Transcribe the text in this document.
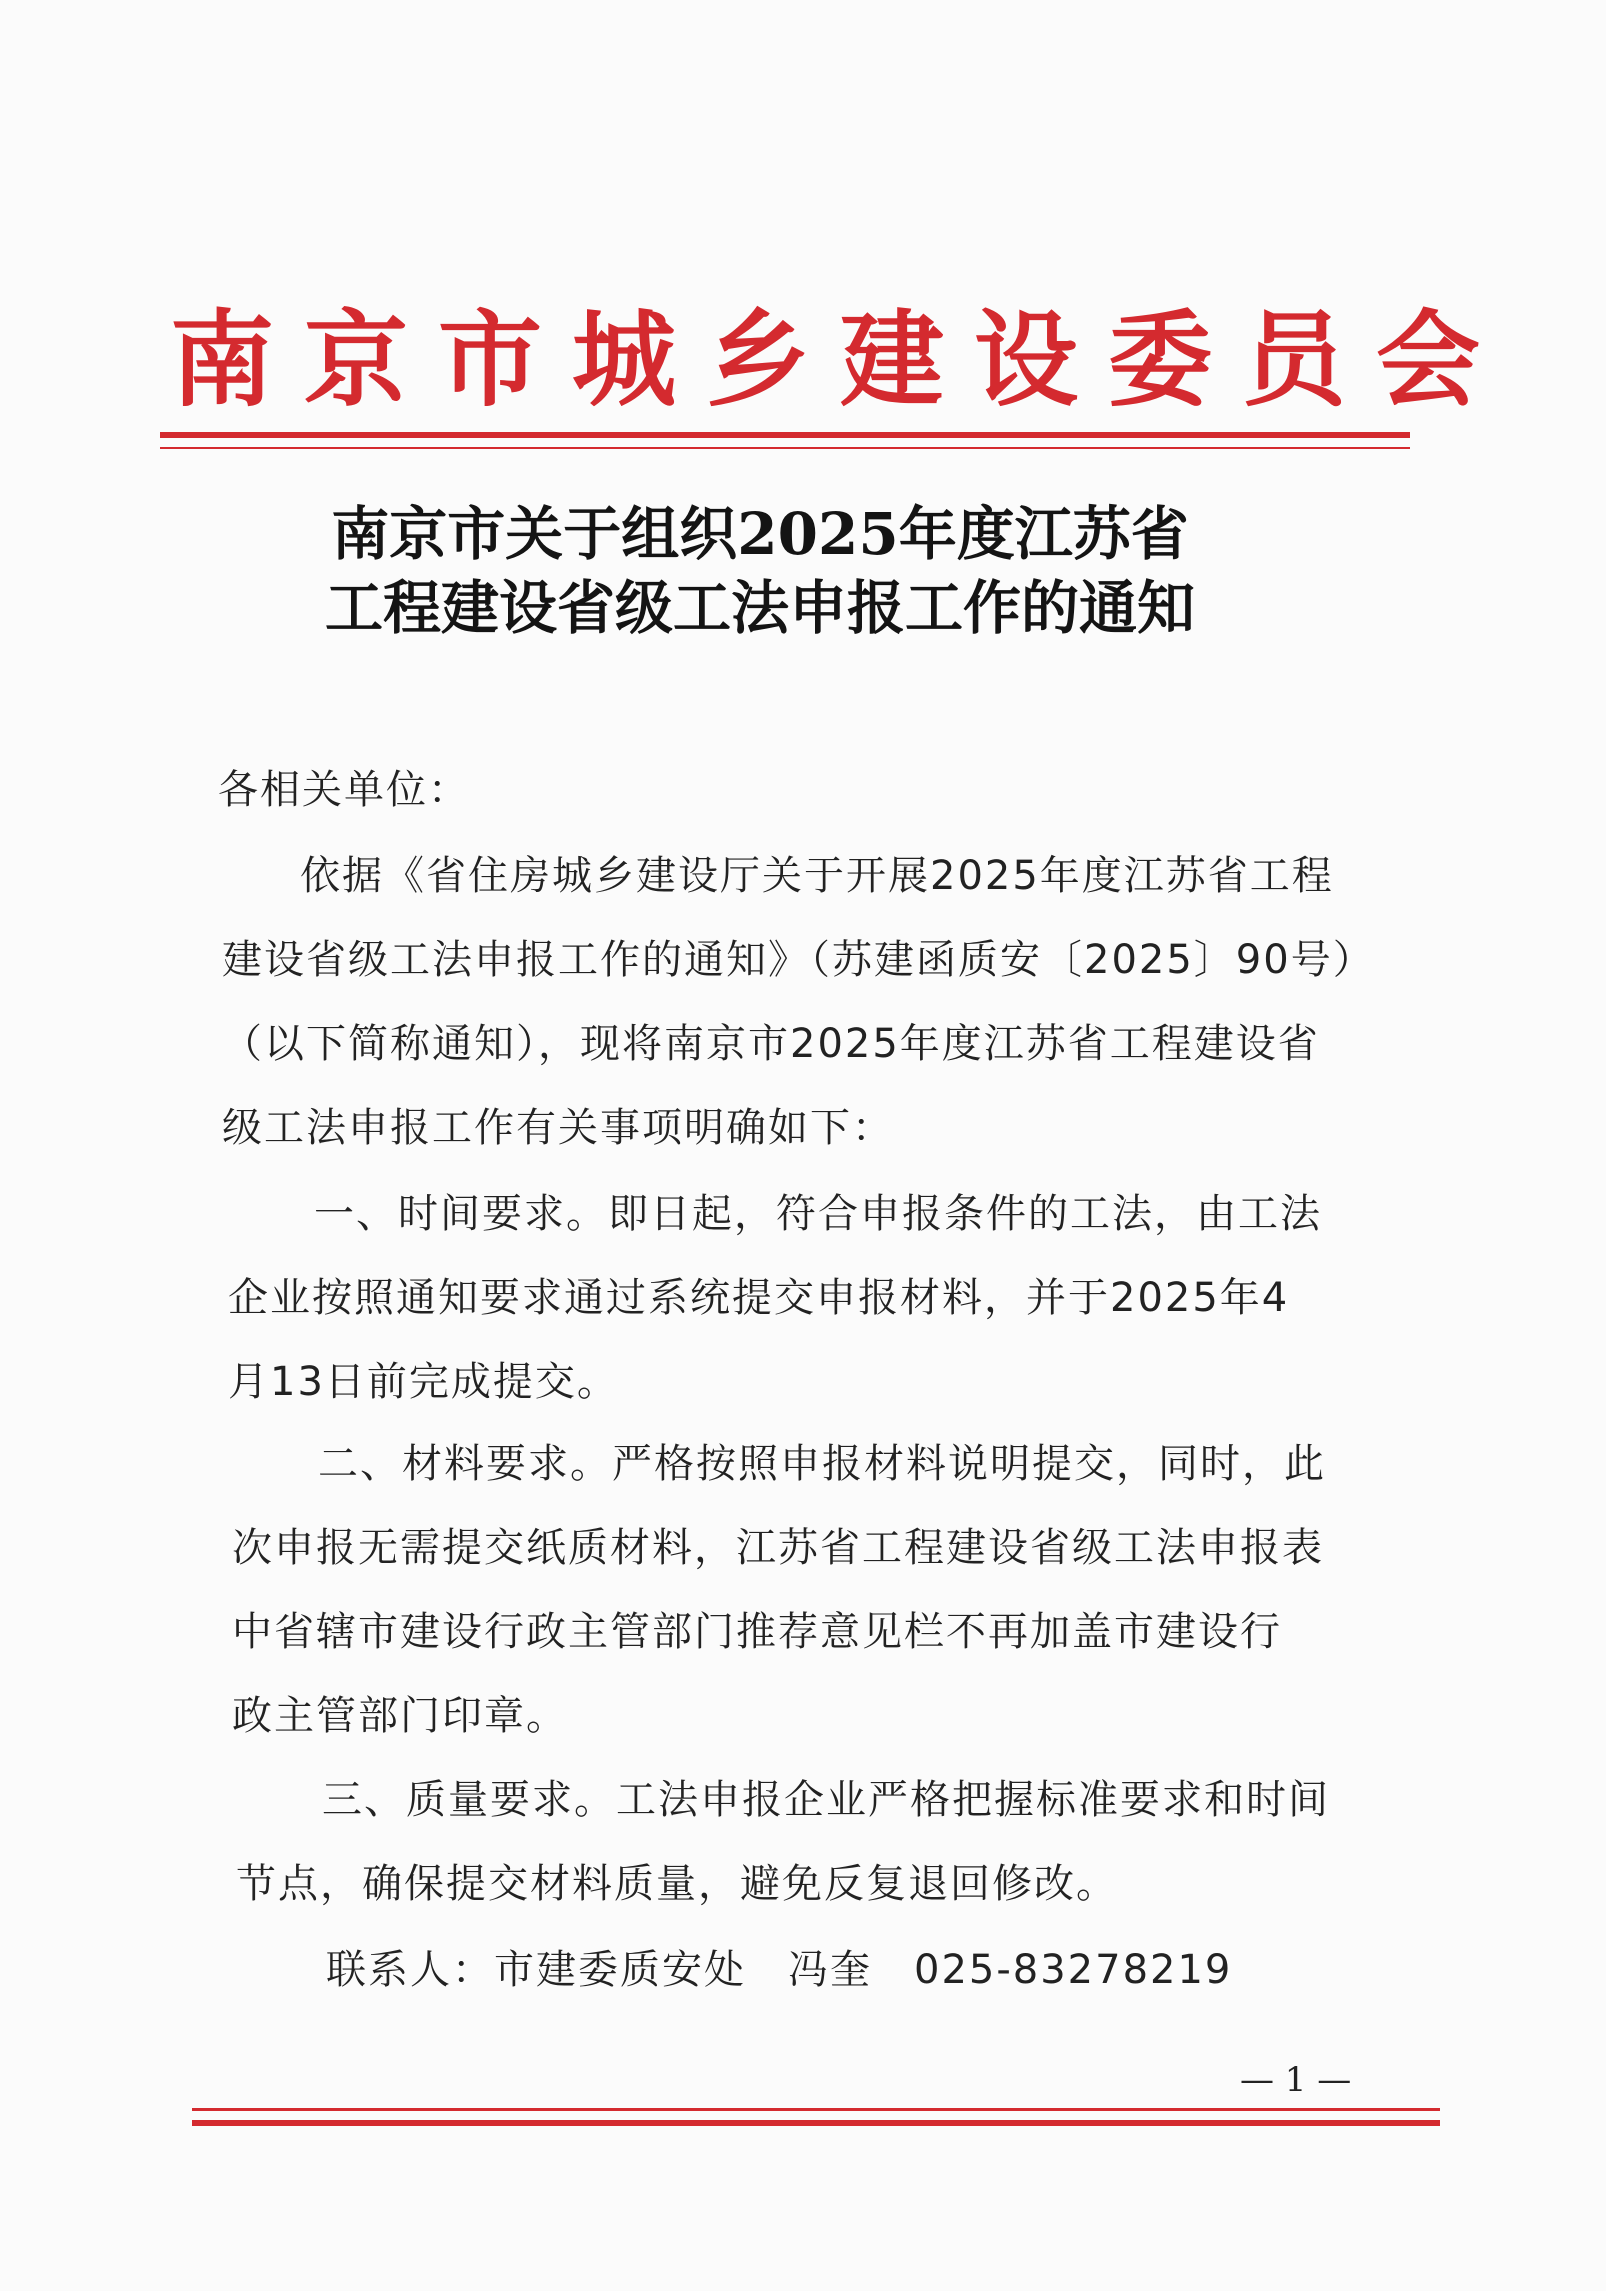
南京市城乡建设委员会
南京市关于组织2025年度江苏省
工程建设省级工法申报工作的通知
各相关单位：
依据《省住房城乡建设厅关于开展2025年度江苏省工程
建设省级工法申报工作的通知》（苏建函质安〔2025〕90号）
（以下简称通知），现将南京市2025年度江苏省工程建设省
级工法申报工作有关事项明确如下：
一、时间要求。即日起，符合申报条件的工法，由工法
企业按照通知要求通过系统提交申报材料，并于2025年4
月13日前完成提交。
二、材料要求。严格按照申报材料说明提交，同时，此
次申报无需提交纸质材料，江苏省工程建设省级工法申报表
中省辖市建设行政主管部门推荐意见栏不再加盖市建设行
政主管部门印章。
三、质量要求。工法申报企业严格把握标准要求和时间
节点，确保提交材料质量，避免反复退回修改。
联系人：市建委质安处　冯奎　025-83278219
— 1 —
